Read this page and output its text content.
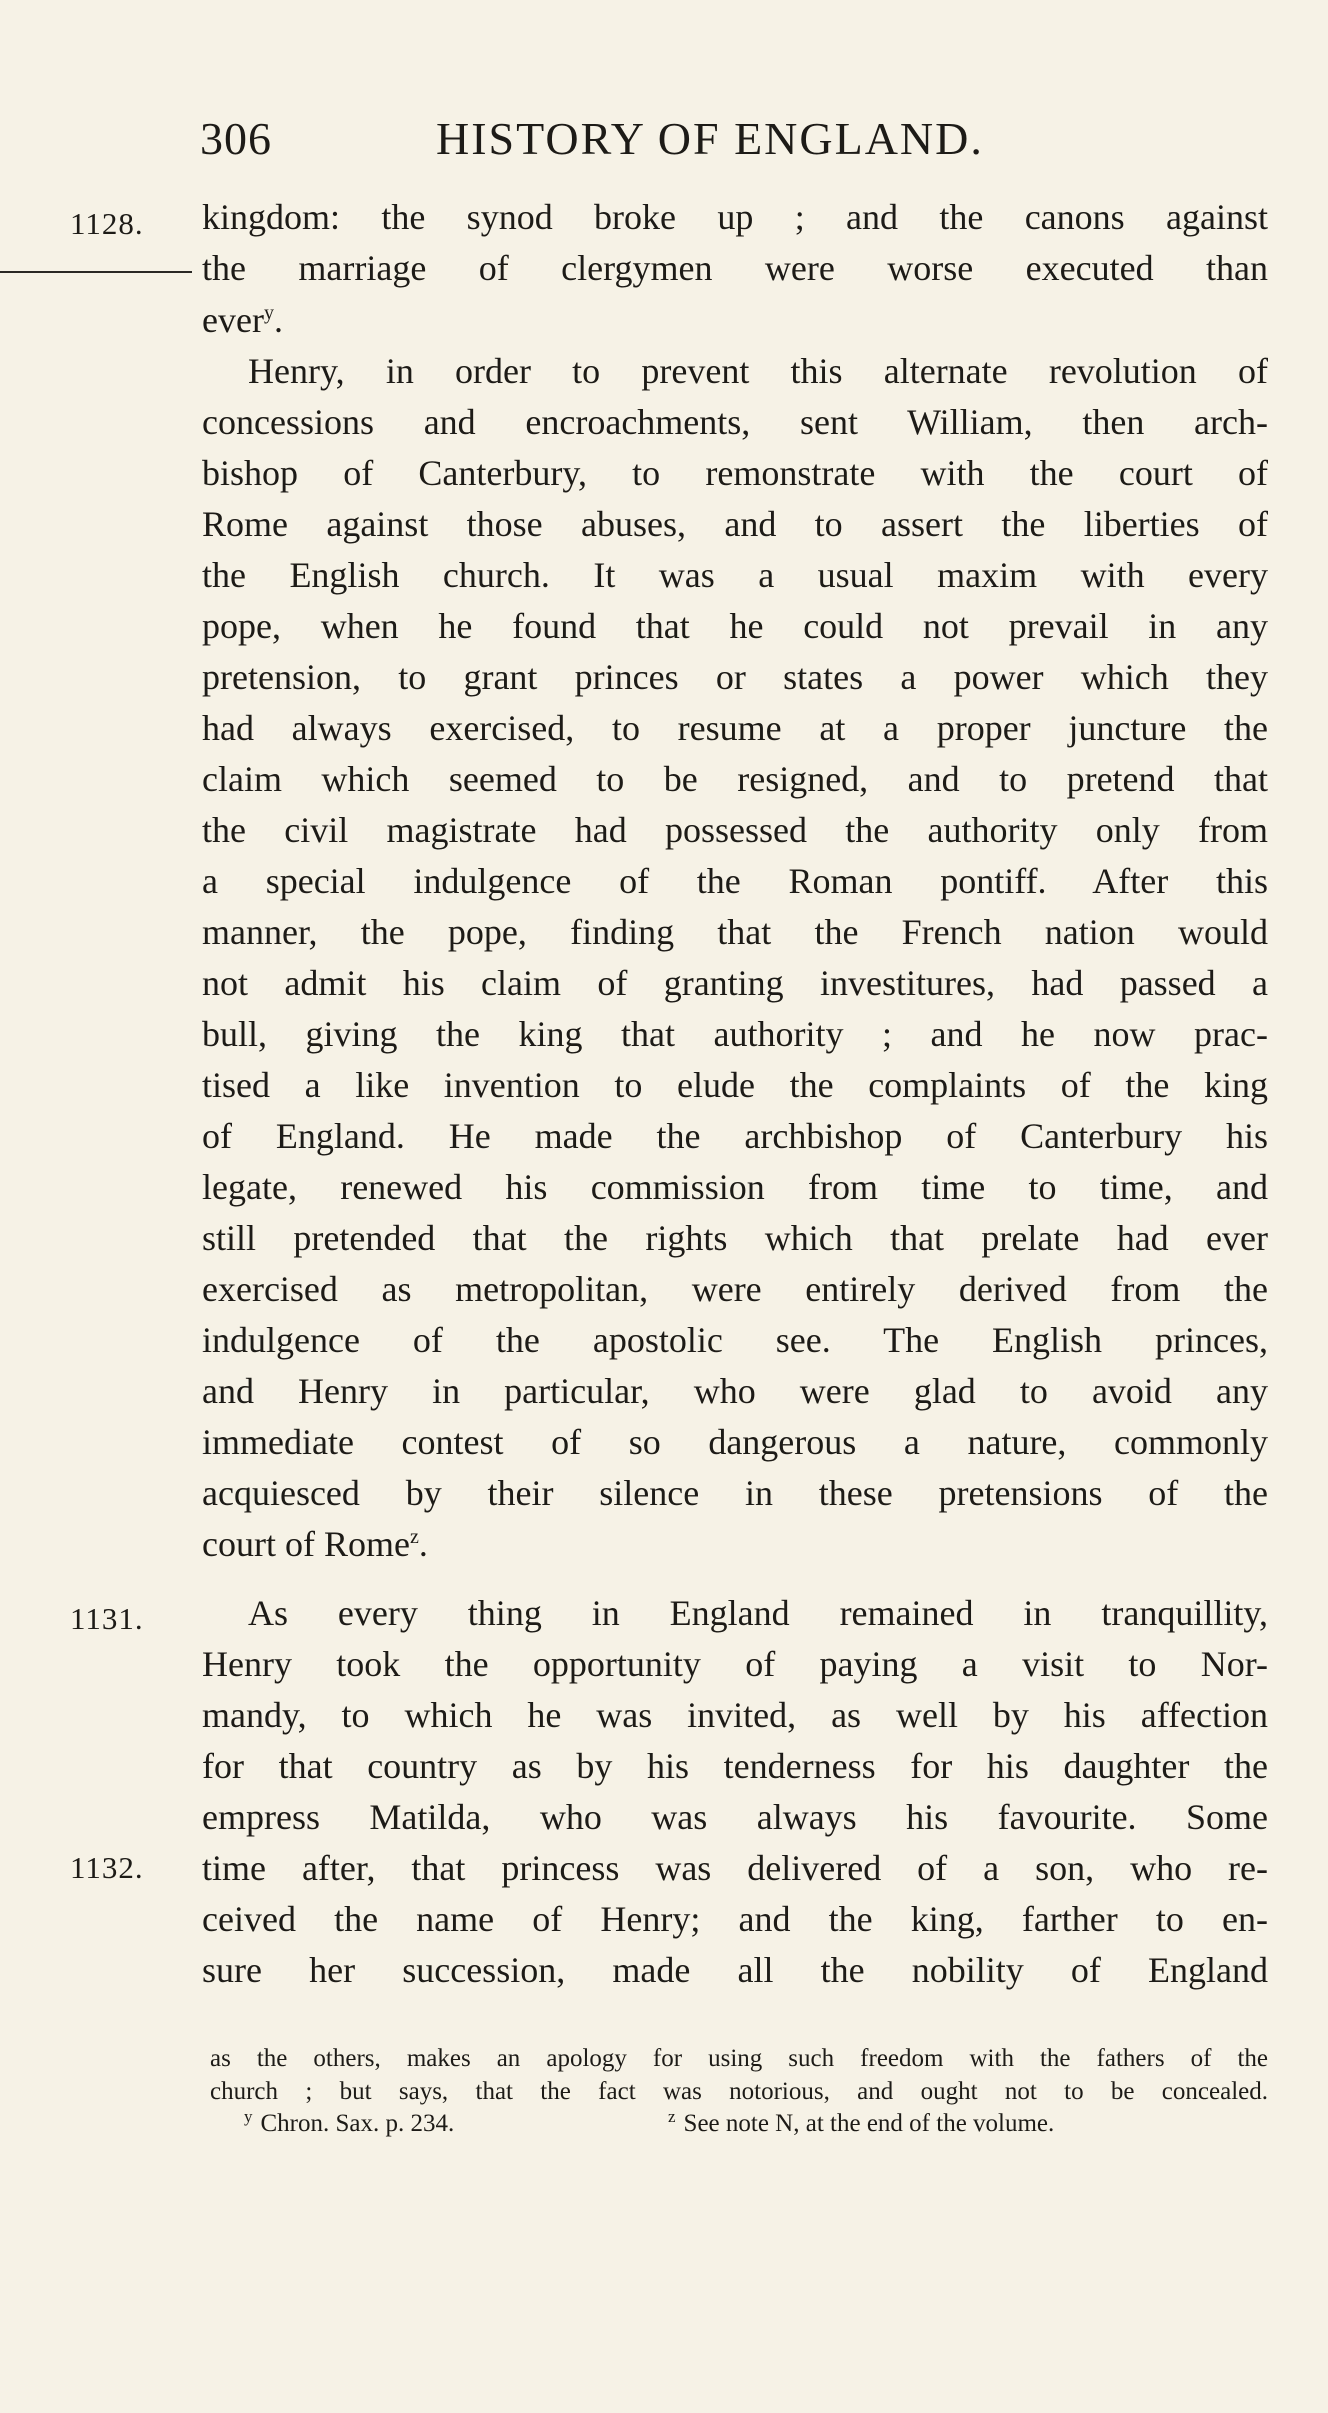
306	HISTORY OF ENGLAND.
1128.
1131.
1132.
kingdom: the synod broke up ; and the canons against
the marriage of clergymen were worse executed than
ever$^y$.
Henry, in order to prevent this alternate revolution of
concessions and encroachments, sent William, then arch-
bishop of Canterbury, to remonstrate with the court of
Rome against those abuses, and to assert the liberties of
the English church. It was a usual maxim with every
pope, when he found that he could not prevail in any
pretension, to grant princes or states a power which they
had always exercised, to resume at a proper juncture the
claim which seemed to be resigned, and to pretend that
the civil magistrate had possessed the authority only from
a special indulgence of the Roman pontiff. After this
manner, the pope, finding that the French nation would
not admit his claim of granting investitures, had passed a
bull, giving the king that authority ; and he now prac-
tised a like invention to elude the complaints of the king
of England. He made the archbishop of Canterbury his
legate, renewed his commission from time to time, and
still pretended that the rights which that prelate had ever
exercised as metropolitan, were entirely derived from the
indulgence of the apostolic see. The English princes,
and Henry in particular, who were glad to avoid any
immediate contest of so dangerous a nature, commonly
acquiesced by their silence in these pretensions of the
court of Rome$^z$.
As every thing in England remained in tranquillity,
Henry took the opportunity of paying a visit to Nor-
mandy, to which he was invited, as well by his affection
for that country as by his tenderness for his daughter the
empress Matilda, who was always his favourite. Some
time after, that princess was delivered of a son, who re-
ceived the name of Henry; and the king, farther to en-
sure her succession, made all the nobility of England
as the others, makes an apology for using such freedom with the fathers of the
church ; but says, that the fact was notorious, and ought not to be concealed.
$^y$ Chron. Sax. p. 234.	$^z$ See note N, at the end of the volume.
